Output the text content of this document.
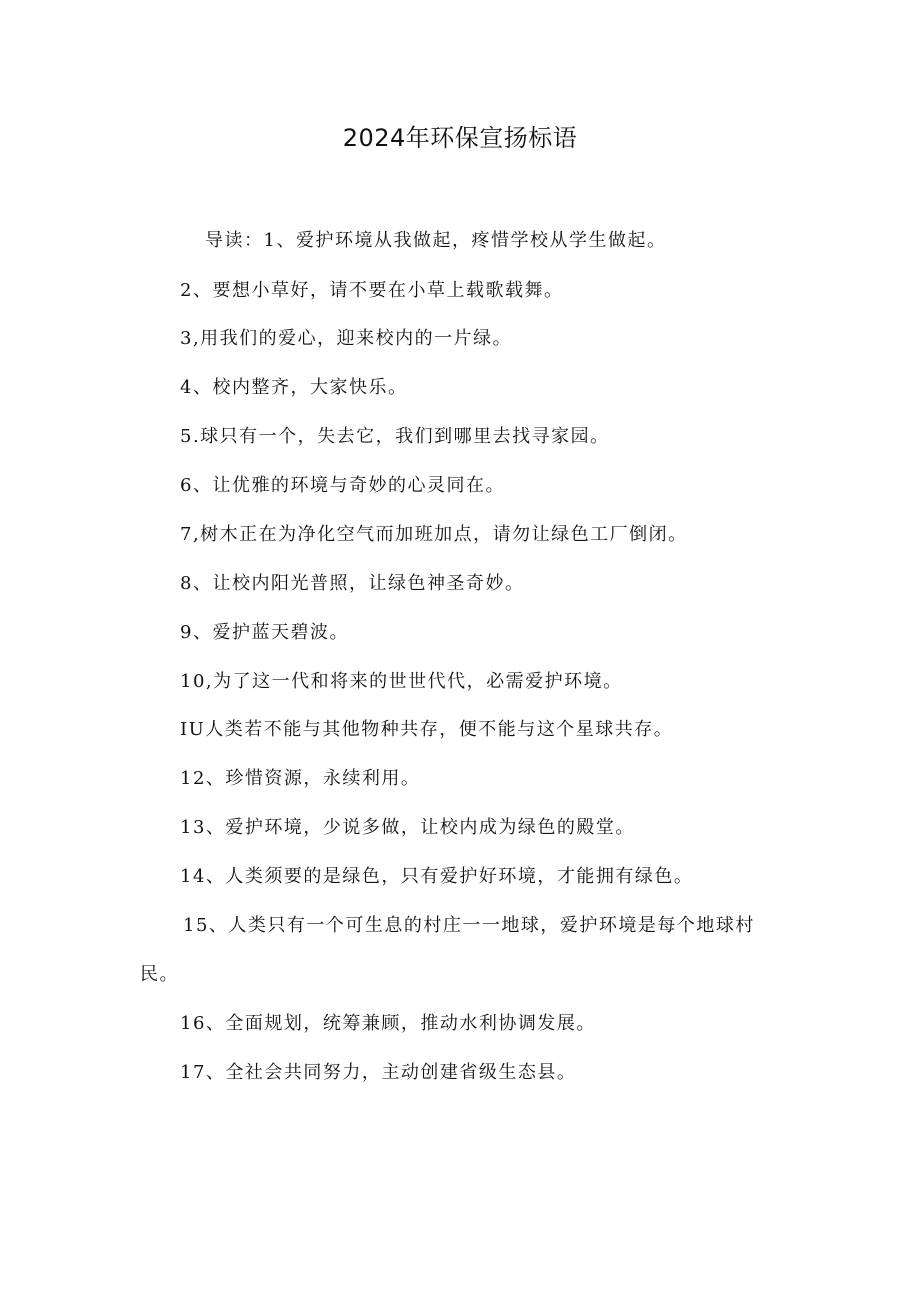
2024年环保宣扬标语
导读：1、爱护环境从我做起，疼惜学校从学生做起。
2、要想小草好，请不要在小草上载歌载舞。
3,用我们的爱心，迎来校内的一片绿。
4、校内整齐，大家快乐。
5.球只有一个，失去它，我们到哪里去找寻家园。
6、让优雅的环境与奇妙的心灵同在。
7,树木正在为净化空气而加班加点，请勿让绿色工厂倒闭。
8、让校内阳光普照，让绿色神圣奇妙。
9、爱护蓝天碧波。
10,为了这一代和将来的世世代代，必需爱护环境。
IU人类若不能与其他物种共存，便不能与这个星球共存。
12、珍惜资源，永续利用。
13、爱护环境，少说多做，让校内成为绿色的殿堂。
14、人类须要的是绿色，只有爱护好环境，才能拥有绿色。
15、人类只有一个可生息的村庄一一地球，爱护环境是每个地球村
民。
16、全面规划，统筹兼顾，推动水利协调发展。
17、全社会共同努力，主动创建省级生态县。
